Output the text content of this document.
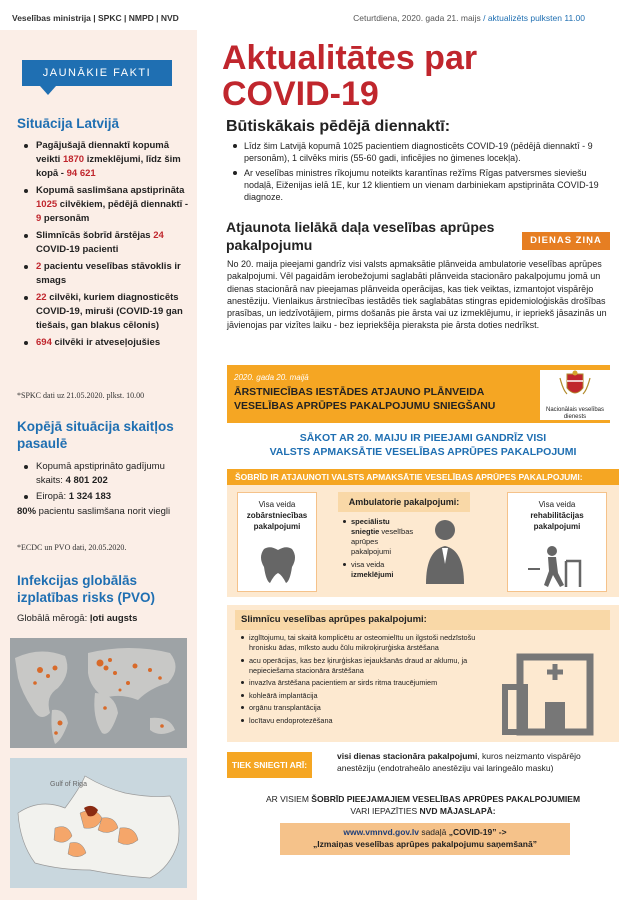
Veselības ministrija | SPKC | NMPD | NVD	Ceturtdiena, 2020. gada 21. maijs / aktualizēts pulksten 11.00
JAUNĀKIE FAKTI
Situācija Latvijā
Pagājušajā diennaktī kopumā veikti 1870 izmeklējumi, līdz šim kopā - 94 621
Kopumā saslimšana apstiprināta 1025 cilvēkiem, pēdējā diennaktī - 9 personām
Slimnīcās šobrīd ārstējas 24 COVID-19 pacienti
2 pacientu veselības stāvoklis ir smags
22 cilvēki, kuriem diagnosticēts COVID-19, miruši (COVID-19 gan tiešais, gan blakus cēlonis)
694 cilvēki ir atveseļojušies
*SPKC dati uz 21.05.2020. plkst. 10.00
Kopējā situācija skaitļos pasaulē
Kopumā apstiprināto gadījumu skaits: 4 801 202
Eiropā: 1 324 183
80% pacientu saslimšana norit viegli
*ECDC un PVO dati, 20.05.2020.
Infekcijas globālās izplatības risks (PVO)
Globālā mērogā: ļoti augsts
Gulf of Riga
Aktualitātes par
COVID-19
Būtiskākais pēdējā diennaktī:
Līdz šim Latvijā kopumā 1025 pacientiem diagnosticēts COVID-19 (pēdējā diennaktī - 9 personām), 1 cilvēks miris (55-60 gadi, inficējies no ģimenes locekļa).
Ar veselības ministres rīkojumu noteikts karantīnas režīms Rīgas patversmes sieviešu nodaļā, Eiženijas ielā 1E, kur 12 klientiem un vienam darbiniekam apstiprināta COVID-19 diagnoze.
Atjaunota lielākā daļa veselības aprūpes pakalpojumu	DIENAS ZIŅA
No 20. maija pieejami gandrīz visi valsts apmaksātie plānveida ambulatorie veselības aprūpes pakalpojumi. Vēl pagaidām ierobežojumi saglabāti plānveida stacionāro pakalpojumu jomā un dienas stacionārā nav pieejamas plānveida operācijas, kas tiek veiktas, izmantojot vispārējo anestēziju. Vienlaikus ārstniecības iestādēs tiek saglabātas stingras epidemioloģiskās drošības prasības, un iedzīvotājiem, pirms došanās pie ārsta vai uz izmeklējumu, ir iepriekš jāsazinās un jāvienojas par vizītes laiku - bez iepriekšēja pieraksta pie ārsta doties nedrīkst.
2020. gada 20. maijā
ĀRSTNIECĪBAS IESTĀDES ATJAUNO PLĀNVEIDA VESELĪBAS APRŪPES PAKALPOJUMU SNIEGŠANU	Nacionālais veselības dienests
SĀKOT AR 20. MAIJU IR PIEEJAMI GANDRĪZ VISI
VALSTS APMAKSĀTIE VESELĪBAS APRŪPES PAKALPOJUMI
ŠOBRĪD IR ATJAUNOTI VALSTS APMAKSĀTIE VESELĪBAS APRŪPES PAKALPOJUMI:
Visa veida
zobārstniecības pakalpojumi
Ambulatorie pakalpojumi:
speciālistu sniegtie veselības aprūpes pakalpojumi
visa veida izmeklējumi
Visa veida
rehabilitācijas pakalpojumi
Slimnīcu veselības aprūpes pakalpojumi:
izglītojumu, tai skaitā komplicētu ar osteomielītu un ilgstoši nedzīstošu hronisku ādas, mīksto audu čūlu mikroķirurģiska ārstēšana
acu operācijas, kas bez ķirurģiskas iejaukšanās draud ar aklumu, ja nepieciešama stacionāra ārstēšana
invazīva ārstēšana pacientiem ar sirds ritma traucējumiem
kohleārā implantācija
orgānu transplantācija
locītavu endoprotezēšana
TIEK SNIEGTI ARĪ:
visi dienas stacionāra pakalpojumi, kuros neizmanto vispārējo anestēziju (endotraheālo anestēziju vai laringeālo masku)
AR VISIEM ŠOBRĪD PIEEJAMAJIEM VESELĪBAS APRŪPES PAKALPOJUMIEM
VARI IEPAZĪTIES NVD MĀJASLAPĀ:
www.vmnvd.gov.lv sadaļā „COVID-19” ->
„Izmaiņas veselības aprūpes pakalpojumu saņemšanā”
